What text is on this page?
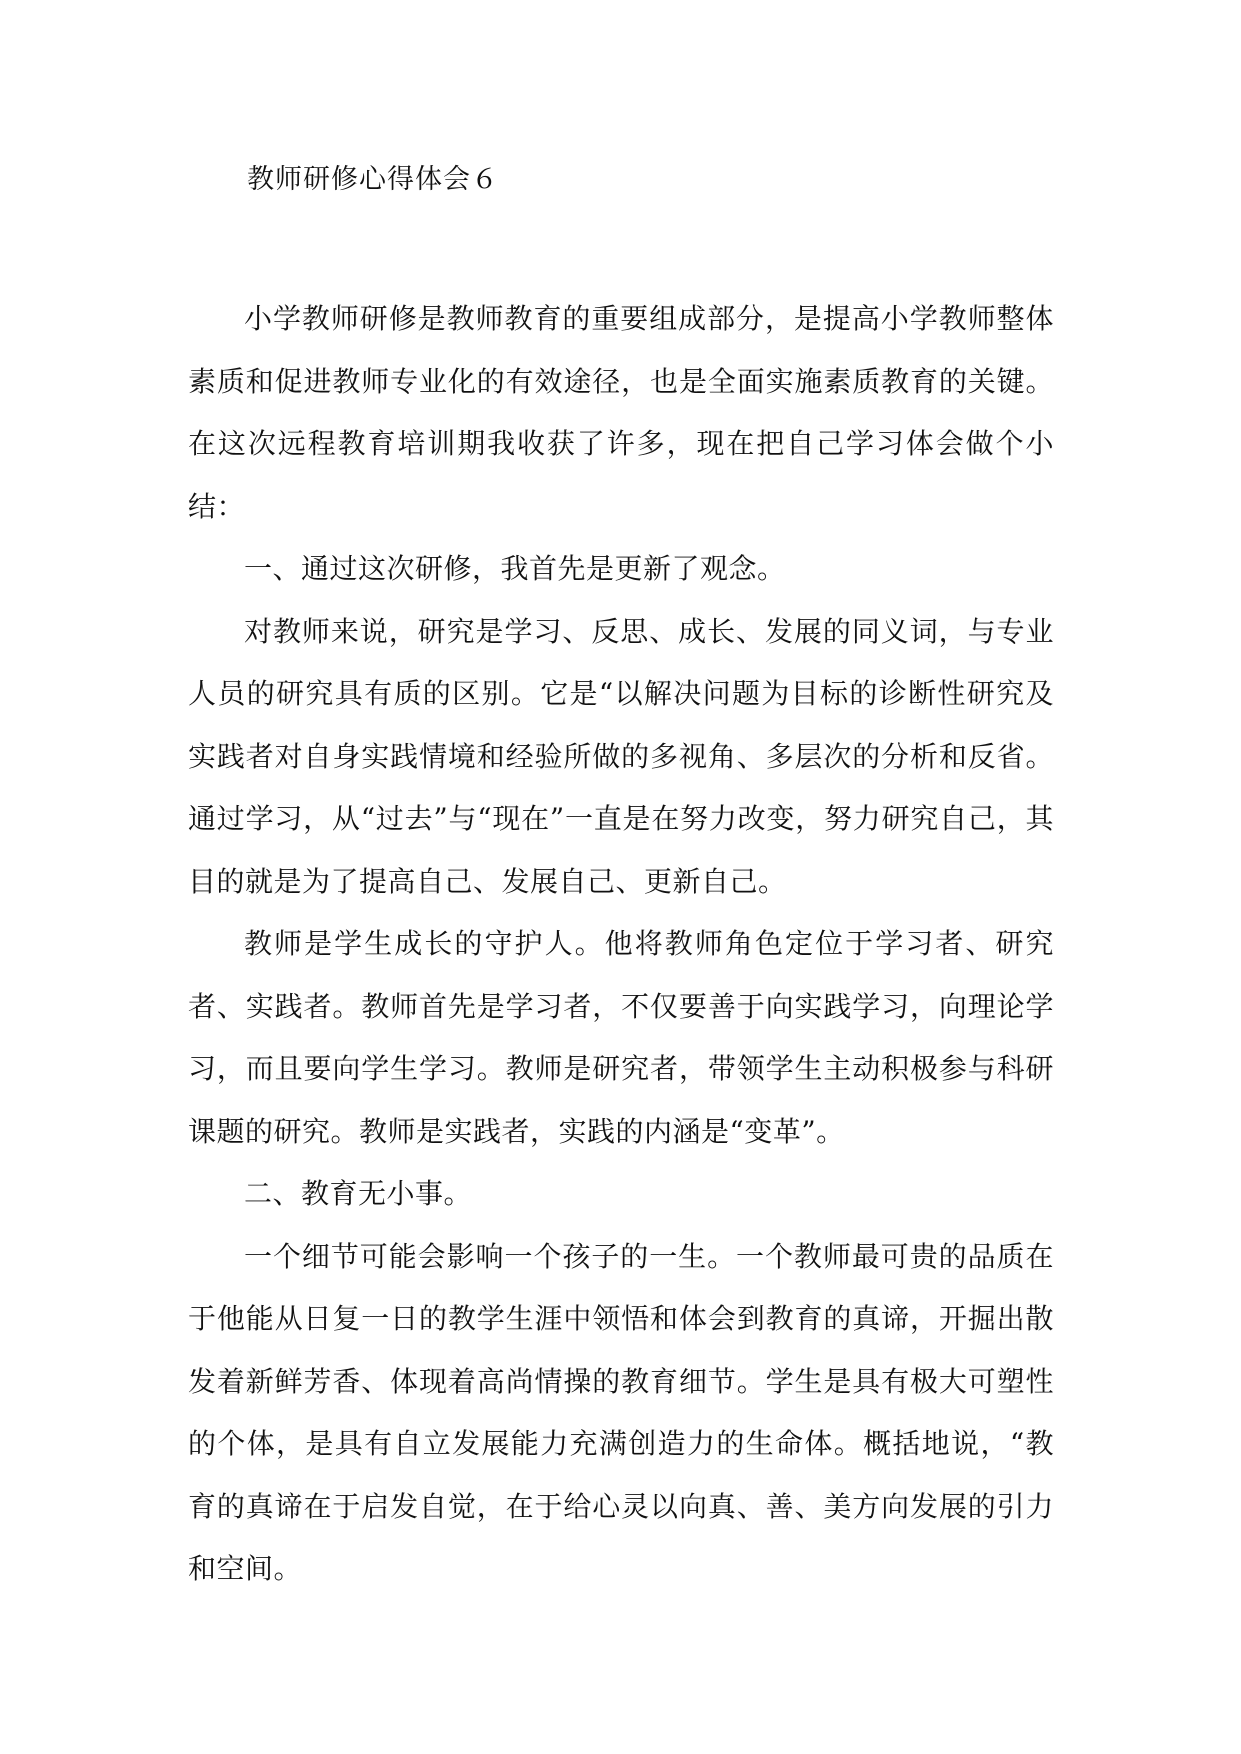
教师研修心得体会６

小学教师研修是教师教育的重要组成部分，是提高小学教师整体素质和促进教师专业化的有效途径，也是全面实施素质教育的关键。在这次远程教育培训期我收获了许多，现在把自己学习体会做个小结：

一、通过这次研修，我首先是更新了观念。

对教师来说，研究是学习、反思、成长、发展的同义词，与专业人员的研究具有质的区别。它是“以解决问题为目标的诊断性研究及实践者对自身实践情境和经验所做的多视角、多层次的分析和反省。通过学习，从“过去”与“现在”一直是在努力改变，努力研究自己，其目的就是为了提高自己、发展自己、更新自己。

教师是学生成长的守护人。他将教师角色定位于学习者、研究者、实践者。教师首先是学习者，不仅要善于向实践学习，向理论学习，而且要向学生学习。教师是研究者，带领学生主动积极参与科研课题的研究。教师是实践者，实践的内涵是“变革”。

二、教育无小事。

一个细节可能会影响一个孩子的一生。一个教师最可贵的品质在于他能从日复一日的教学生涯中领悟和体会到教育的真谛，开掘出散发着新鲜芳香、体现着高尚情操的教育细节。学生是具有极大可塑性的个体，是具有自立发展能力充满创造力的生命体。概括地说，“教育的真谛在于启发自觉，在于给心灵以向真、善、美方向发展的引力和空间。
